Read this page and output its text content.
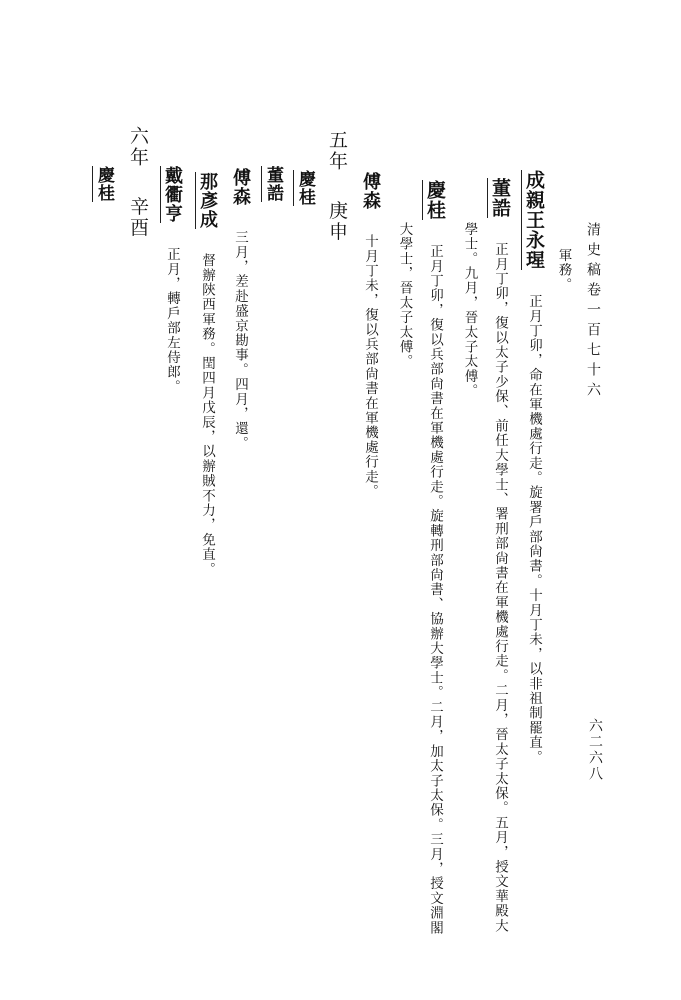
清史稿卷一百七十六
六二六八
軍務。
成親王永瑆  正月丁卯，命在軍機處行走。旋署戶部尙書。十月丁未，以非祖制罷直。
董誥  正月丁卯，復以太子少保、前任大學士、署刑部尙書在軍機處行走。二月，晉太子太保。五月，授文華殿大
學士。九月，晉太子太傅。
慶桂  正月丁卯，復以兵部尙書在軍機處行走。旋轉刑部尙書、協辦大學士。二月，加太子太保。三月，授文淵閣
大學士，晉太子太傅。
傅森  十月丁未，復以兵部尙書在軍機處行走。
五年  庚申
慶桂
董誥
傅森  三月，差赴盛京勘事。四月，還。
那彥成  督辦陝西軍務。閏四月戊辰，以辦賊不力，免直。
戴衢亨  正月，轉戶部左侍郎。
六年  辛酉
慶桂
